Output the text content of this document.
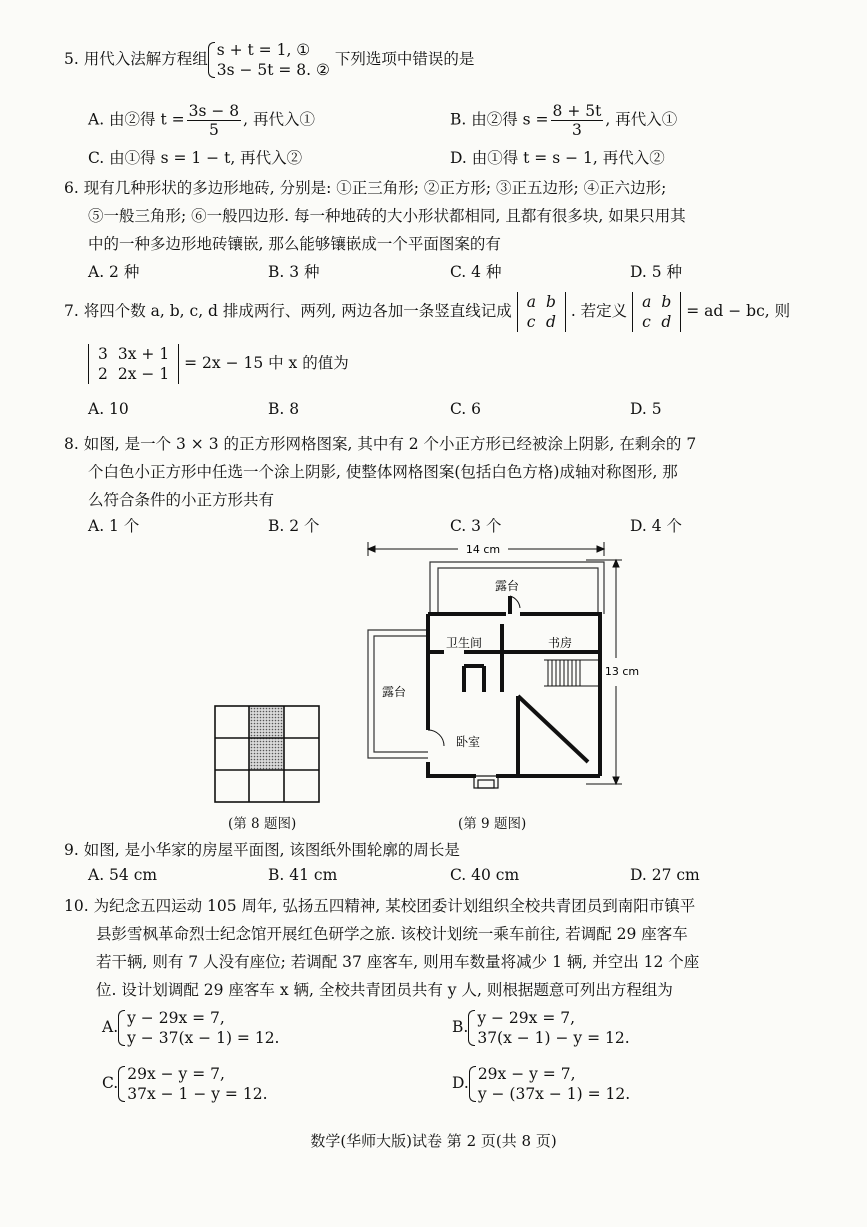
5. 用代入法解方程组 s + t = 1, ①
3s − 5t = 8. ②
下列选项中错误的是
A. 由②得 $t = \frac{3s - 8}{5}$ , 再代入①	B. 由②得 $s = \frac{8 + 5t}{3}$ , 再代入①
C. 由①得 s = 1 − t, 再代入②	D. 由①得 t = s − 1, 再代入②
6. 现有几种形状的多边形地砖, 分别是: ①正三角形; ②正方形; ③正五边形; ④正六边形;
⑤一般三角形; ⑥一般四边形. 每一种地砖的大小形状都相同, 且都有很多块, 如果只用其
中的一种多边形地砖镶嵌, 那么能够镶嵌成一个平面图案的有
A. 2 种	B. 3 种	C. 4 种	D. 5 种
7. 将四个数 a, b, c, d 排成两行、两列, 两边各加一条竖直线记成 a	b
c	d
. 若定义 a	b
c	d
= ad − bc, 则
3	3x + 1
2	2x − 1
= 2x − 15 中 x 的值为
A. 10	B. 8	C. 6	D. 5
8. 如图, 是一个 3 × 3 的正方形网格图案, 其中有 2 个小正方形已经被涂上阴影, 在剩余的 7
个白色小正方形中任选一个涂上阴影, 使整体网格图案(包括白色方格)成轴对称图形, 那
么符合条件的小正方形共有
A. 1 个	B. 2 个	C. 3 个	D. 4 个
(第 8 题图)
14 cm
13 cm
露台
卫生间	书房
露台
卧室
(第 9 题图)
9. 如图, 是小华家的房屋平面图, 该图纸外围轮廓的周长是
A. 54 cm	B. 41 cm	C. 40 cm	D. 27 cm
10. 为纪念五四运动 105 周年, 弘扬五四精神, 某校团委计划组织全校共青团员到南阳市镇平
县彭雪枫革命烈士纪念馆开展红色研学之旅. 该校计划统一乘车前往, 若调配 29 座客车
若干辆, 则有 7 人没有座位; 若调配 37 座客车, 则用车数量将减少 1 辆, 并空出 12 个座
位. 设计划调配 29 座客车 x 辆, 全校共青团员共有 y 人, 则根据题意可列出方程组为
A. y − 29x = 7,
y − 37(x − 1) = 12.
B. y − 29x = 7,
37(x − 1) − y = 12.
C. 29x − y = 7,
37x − 1 − y = 12.
D. 29x − y = 7,
y − (37x − 1) = 12.
数学(华师大版)试卷 第 2 页(共 8 页)
